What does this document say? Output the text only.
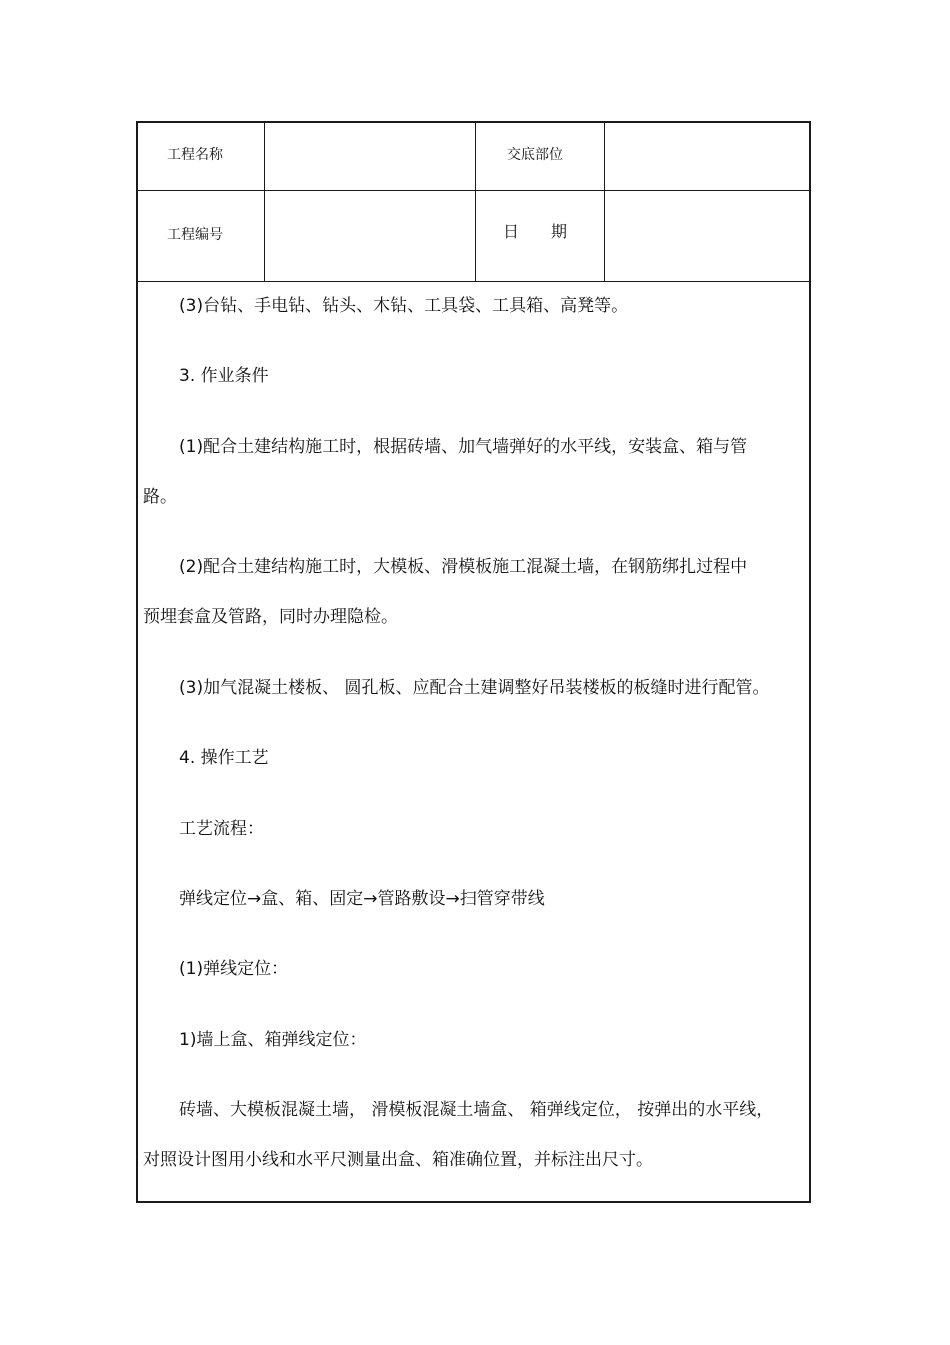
工程名称	交底部位
工程编号	日　　期
(3)台钻、手电钻、钻头、木钻、工具袋、工具箱、高凳等。
3. 作业条件
(1)配合土建结构施工时，根据砖墙、加气墙弹好的水平线，安装盒、箱与管
路。
(2)配合土建结构施工时，大模板、滑模板施工混凝土墙，在钢筋绑扎过程中
预埋套盒及管路，同时办理隐检。
(3)加气混凝土楼板、 圆孔板、应配合土建调整好吊装楼板的板缝时进行配管。
4. 操作工艺
工艺流程：
弹线定位→盒、箱、固定→管路敷设→扫管穿带线
(1)弹线定位：
1)墙上盒、箱弹线定位：
砖墙、大模板混凝土墙， 滑模板混凝土墙盒、 箱弹线定位， 按弹出的水平线，
对照设计图用小线和水平尺测量出盒、箱准确位置，并标注出尺寸。
